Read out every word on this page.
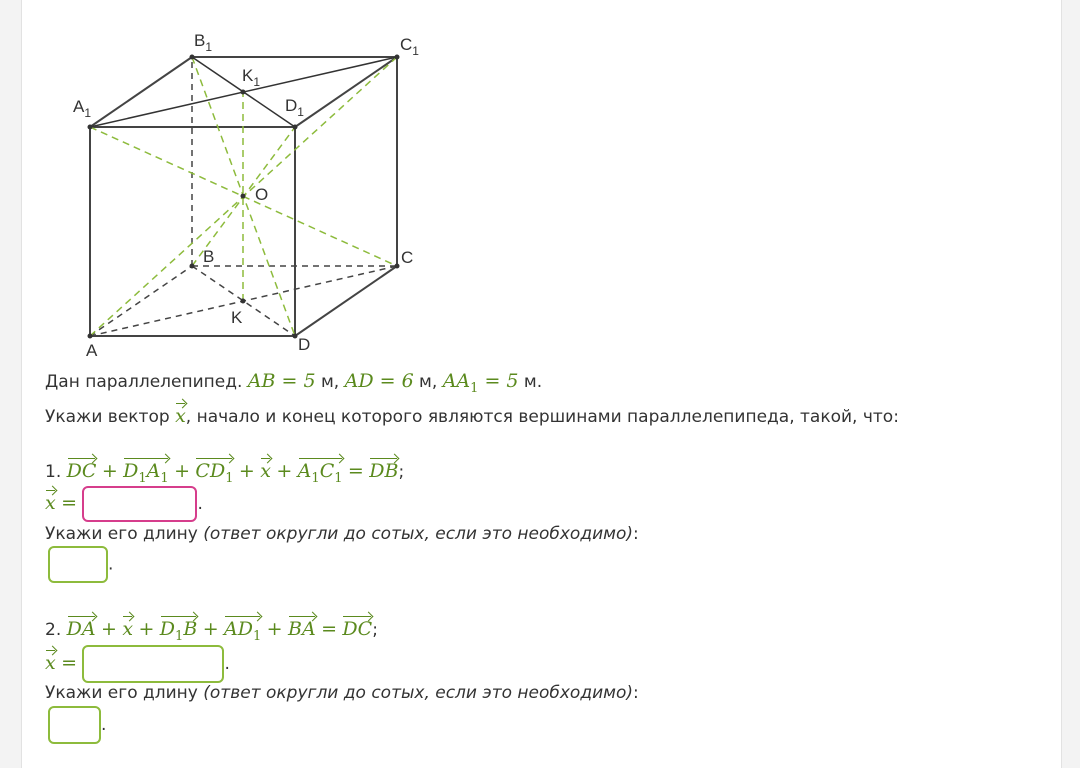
A	D
C
B
K
O
$A_1$	$D_1$
$B_1$	$C_1$
$K_1$
Дан параллелепипед. AB = 5 м, AD = 6 м, $AA_1 = 5$ м.
Укажи вектор x, начало и конец которого являются вершинами параллелепипеда, такой, что:
1. DC + $D_1A_1 + CD_1 + x + A_1C_1$ = DB;
x =	.
Укажи его длину (ответ округли до сотых, если это необходимо):
.
2. DA + $x + D_1B + AD_1$ + BA = DC;
x =	.
Укажи его длину (ответ округли до сотых, если это необходимо):
.
